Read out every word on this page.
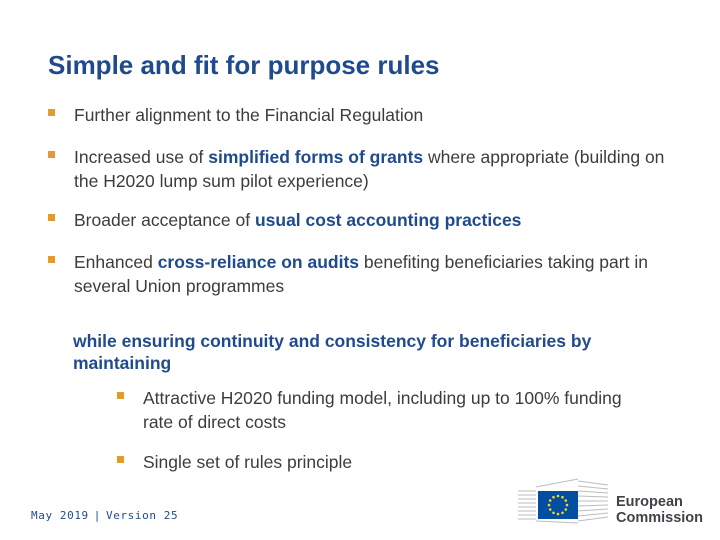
Simple and fit for purpose rules
Further alignment to the Financial Regulation
Increased use of simplified forms of grants where appropriate (building on the H2020 lump sum pilot experience)
Broader acceptance of usual cost accounting practices
Enhanced cross-reliance on audits benefiting beneficiaries taking part in several Union programmes
while ensuring continuity and consistency for beneficiaries by maintaining
Attractive H2020 funding model, including up to 100% funding rate of direct costs
Single set of rules principle
May 2019 | Version 25
European
Commission
